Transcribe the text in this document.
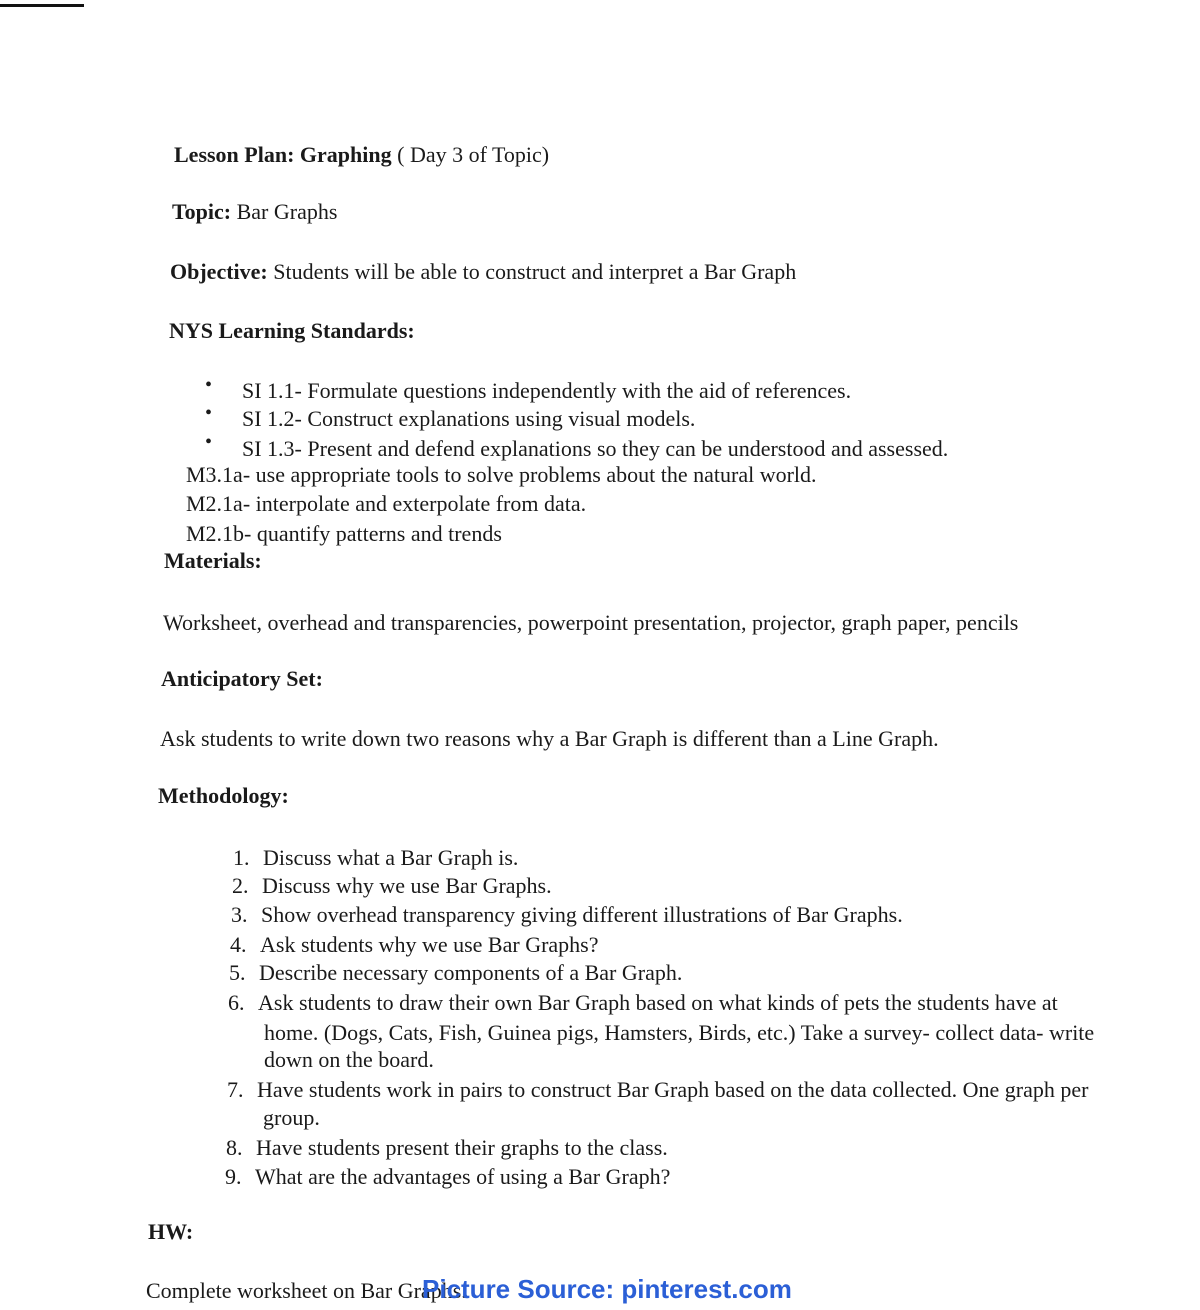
Lesson Plan: Graphing ( Day 3 of Topic)
Topic: Bar Graphs
Objective: Students will be able to construct and interpret a Bar Graph
NYS Learning Standards:
• SI 1.1- Formulate questions independently with the aid of references.
• SI 1.2- Construct explanations using visual models.
• SI 1.3- Present and defend explanations so they can be understood and assessed.
M3.1a- use appropriate tools to solve problems about the natural world.
M2.1a- interpolate and exterpolate from data.
M2.1b- quantify patterns and trends
Materials:
Worksheet, overhead and transparencies, powerpoint presentation, projector, graph paper, pencils
Anticipatory Set:
Ask students to write down two reasons why a Bar Graph is different than a Line Graph.
Methodology:
1. Discuss what a Bar Graph is.
2. Discuss why we use Bar Graphs.
3. Show overhead transparency giving different illustrations of Bar Graphs.
4. Ask students why we use Bar Graphs?
5. Describe necessary components of a Bar Graph.
6. Ask students to draw their own Bar Graph based on what kinds of pets the students have at
home. (Dogs, Cats, Fish, Guinea pigs, Hamsters, Birds, etc.) Take a survey- collect data- write
down on the board.
7. Have students work in pairs to construct Bar Graph based on the data collected. One graph per
group.
8. Have students present their graphs to the class.
9. What are the advantages of using a Bar Graph?
HW:
Complete worksheet on Bar Graphs.
Picture Source: pinterest.com
